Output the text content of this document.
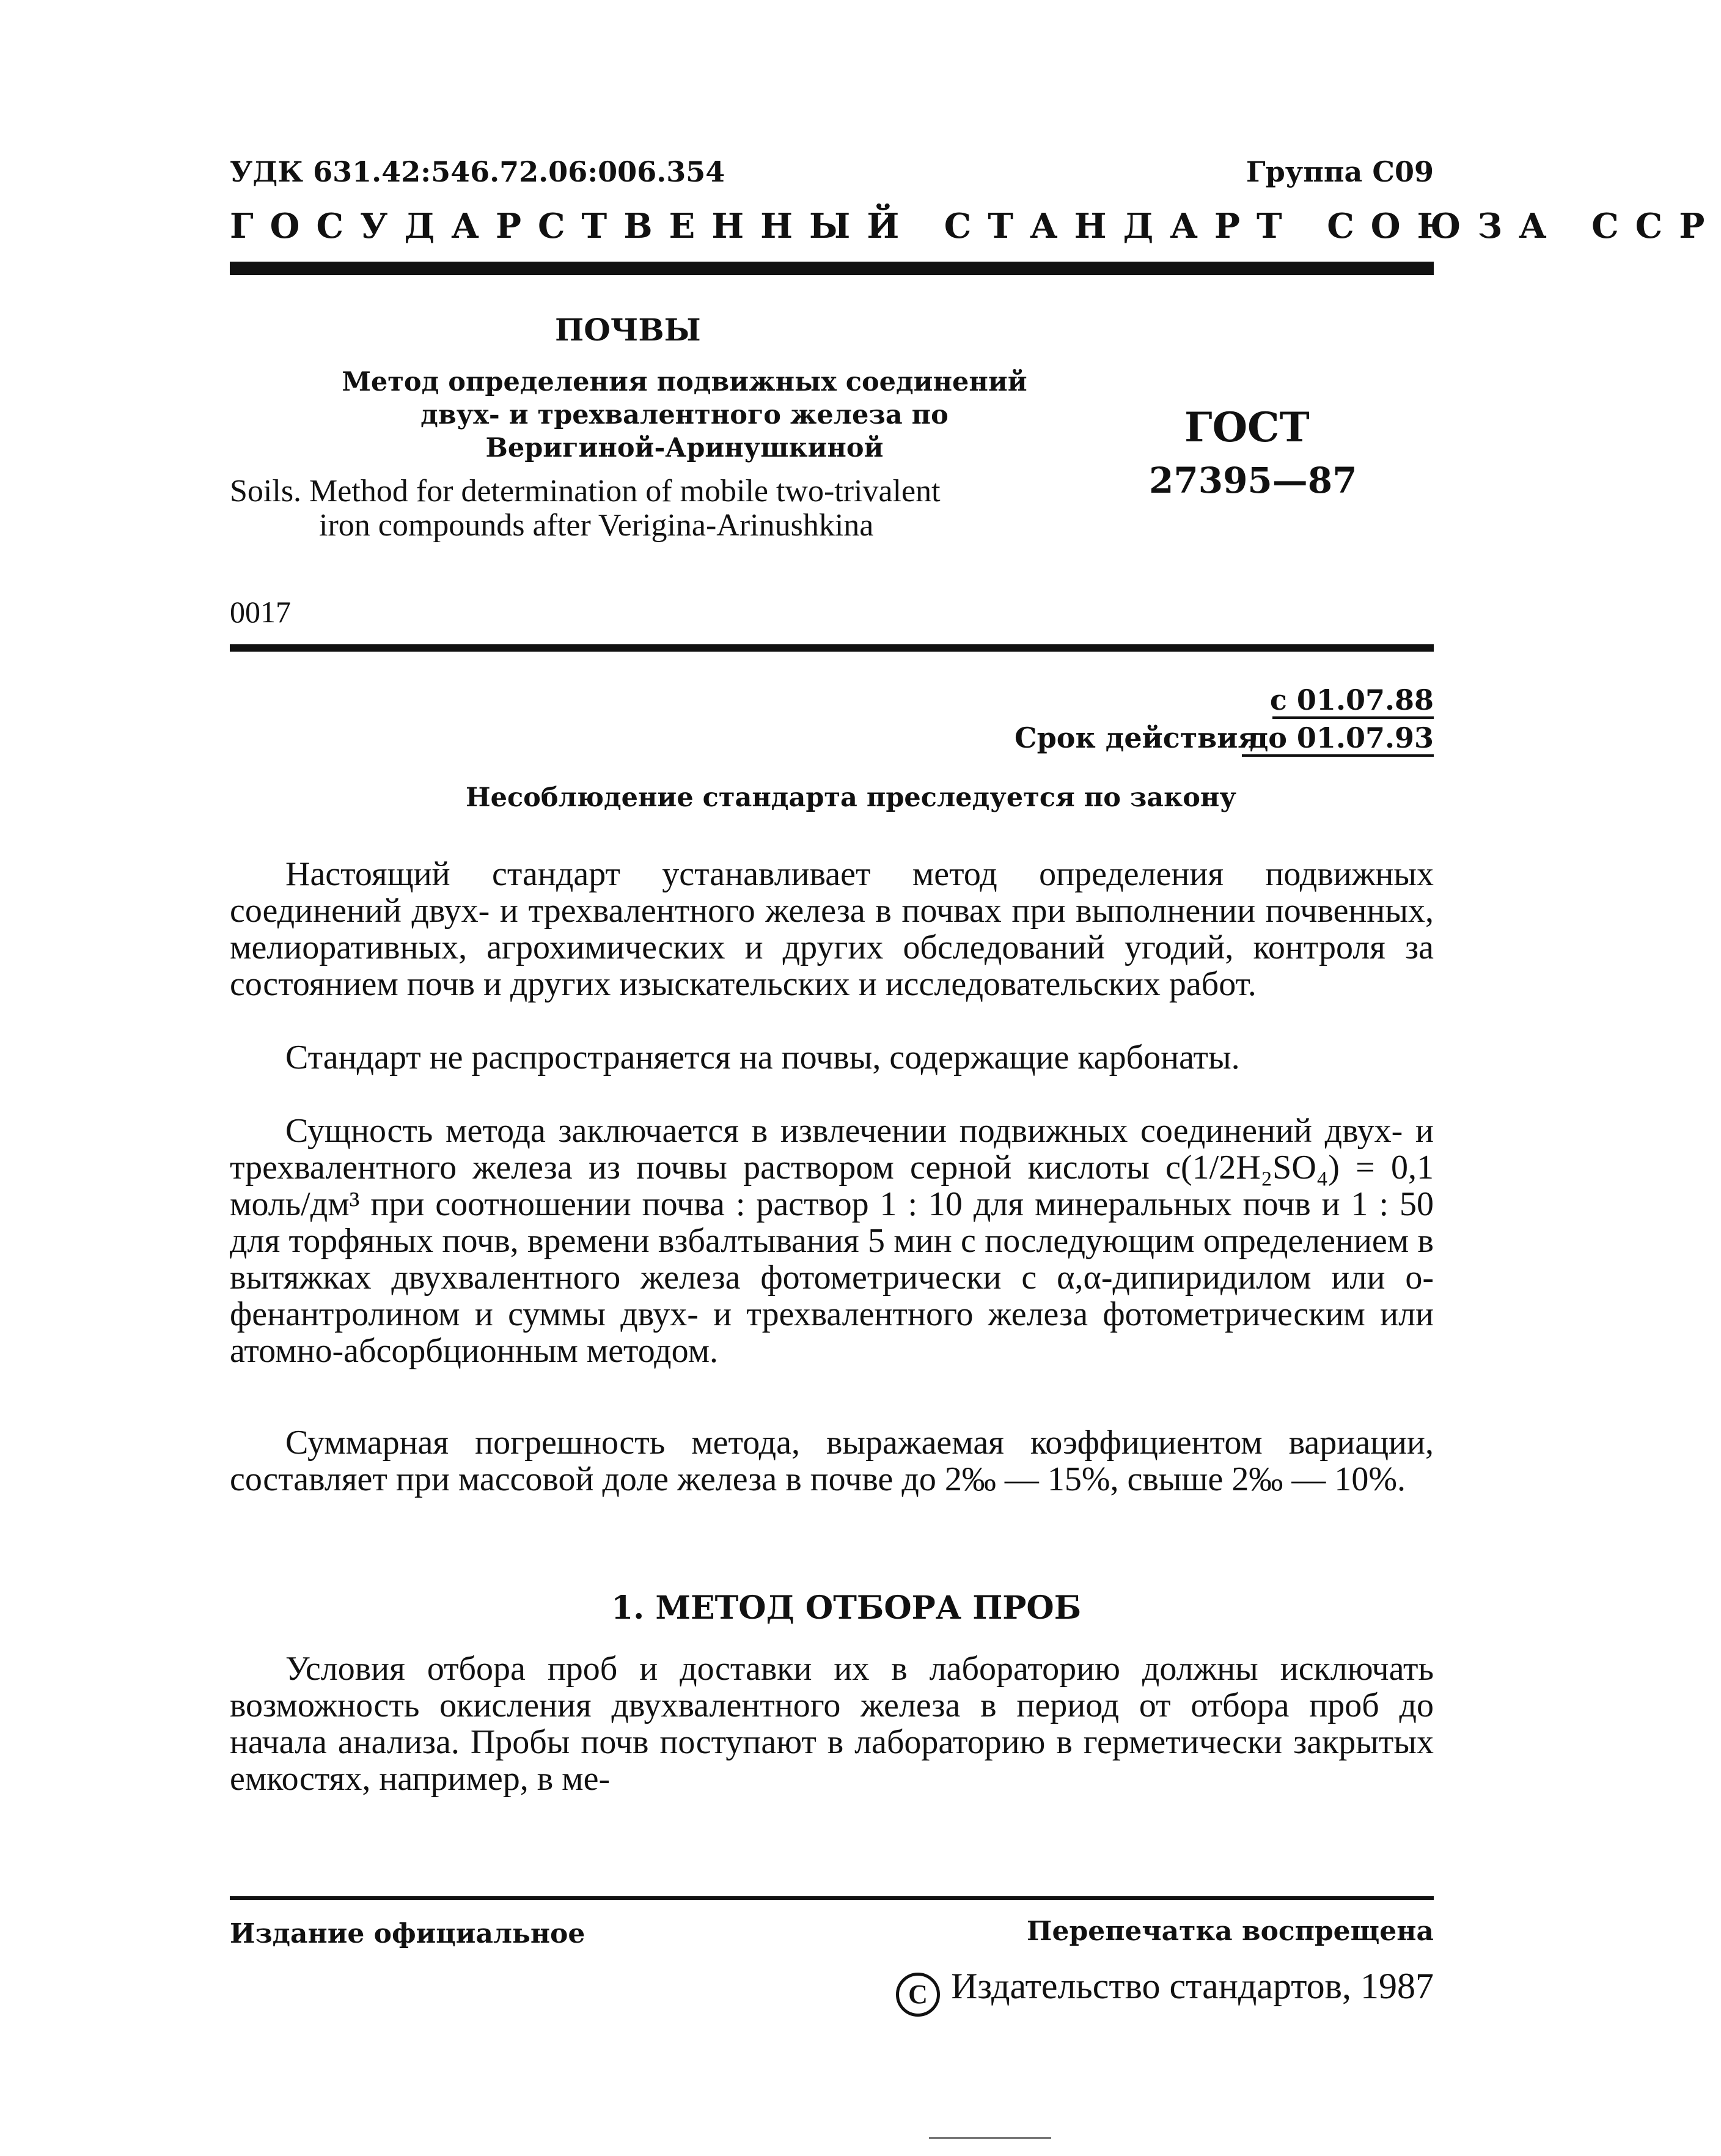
УДК 631.42:546.72.06:006.354	Группа С09
ГОСУДАРСТВЕННЫЙ СТАНДАРТ СОЮЗА ССР
ПОЧВЫ
Метод определения подвижных соединений
двух- и трехвалентного железа по
Веригиной-Аринушкиной
Soils. Method for determination of mobile two-trivalent
iron compounds after Verigina-Arinushkina
ГОСТ
27395—87
0017
с 01.07.88
Срок действия
до 01.07.93
Несоблюдение стандарта преследуется по закону
Настоящий стандарт устанавливает метод определения подвижных соединений двух- и трехвалентного железа в почвах при выполнении почвенных, мелиоративных, агрохимических и других обследований угодий, контроля за состоянием почв и других изыскательских и исследовательских работ.
Стандарт не распространяется на почвы, содержащие карбонаты.
Сущность метода заключается в извлечении подвижных соединений двух- и трехвалентного железа из почвы раствором серной кислоты c(1/2H₂SO₄) = 0,1 моль/дм³ при соотношении почва : раствор 1 : 10 для минеральных почв и 1 : 50 для торфяных почв, времени взбалтывания 5 мин с последующим определением в вытяжках двухвалентного железа фотометрически с α,α-дипиридилом или о-фенантролином и суммы двух- и трехвалентного железа фотометрическим или атомно-абсорбционным методом.
Суммарная погрешность метода, выражаемая коэффициентом вариации, составляет при массовой доле железа в почве до 2‰ — 15%, свыше 2‰ — 10%.
1. МЕТОД ОТБОРА ПРОБ
Условия отбора проб и доставки их в лабораторию должны исключать возможность окисления двухвалентного железа в период от отбора проб до начала анализа. Пробы почв поступают в лабораторию в герметически закрытых емкостях, например, в ме-
Издание официальное	Перепечатка воспрещена
C Издательство стандартов, 1987
